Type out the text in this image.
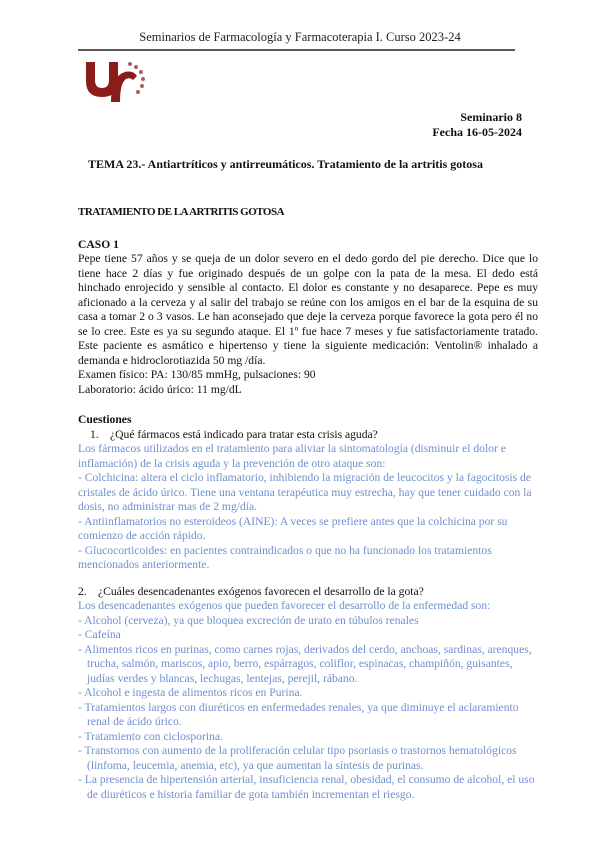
Seminarios de Farmacología y Farmacoterapia I. Curso 2023-24
Seminario 8
Fecha 16-05-2024
TEMA 23.- Antiartríticos y antirreumáticos. Tratamiento de la artritis gotosa

TRATAMIENTO DE LA ARTRITIS GOTOSA

CASO 1

Pepe tiene 57 años y se queja de un dolor severo en el dedo gordo del pie derecho. Dice que lo tiene hace 2 días y fue originado después de un golpe con la pata de la mesa. El dedo está hinchado enrojecido y sensible al contacto. El dolor es constante y no desaparece. Pepe es muy aficionado a la cerveza y al salir del trabajo se reúne con los amigos en el bar de la esquina de su casa a tomar 2 o 3 vasos. Le han aconsejado que deje la cerveza porque favorece la gota pero él no se lo cree. Este es ya su segundo ataque. El 1º fue hace 7 meses y fue satisfactoriamente tratado. Este paciente es asmático e hipertenso y tiene la siguiente medicación: Ventolin® inhalado a demanda e hidroclorotiazida 50 mg /día.

Examen físico: PA: 130/85 mmHg, pulsaciones: 90

Laboratorio: ácido úrico: 11 mg/dL

Cuestiones

1. ¿Qué fármacos está indicado para tratar esta crisis aguda?

Los fármacos utilizados en el tratamiento para aliviar la sintomatología (disminuir el dolor e inflamación) de la crisis aguda y la prevención de otro ataque son:

- Colchicina: altera el ciclo inflamatorio, inhibiendo la migración de leucocitos y la fagocitosis de cristales de ácido úrico. Tiene una ventana terapéutica muy estrecha, hay que tener cuidado con la dosis, no administrar mas de 2 mg/día.

- Antiinflamatorios no esteroideos (AINE): A veces se prefiere antes que la colchicina por su comienzo de acción rápido.

- Glucocorticoides: en pacientes contraindicados o que no ha funcionado los tratamientos mencionados anteriormente.

2. ¿Cuáles desencadenantes exógenos favorecen el desarrollo de la gota?

Los desencadenantes exógenos que pueden favorecer el desarrollo de la enfermedad son:

- Alcohol (cerveza), ya que bloquea excreción de urato en túbulos renales
- Cafeína
- Alimentos ricos en purinas, como carnes rojas, derivados del cerdo, anchoas, sardinas, arenques, trucha, salmón, mariscos, apio, berro, espárragos, coliflor, espinacas, champiñón, guisantes, judías verdes y blancas, lechugas, lentejas, perejil, rábano.
- Alcohol e ingesta de alimentos ricos en Purina.
- Tratamientos largos con diuréticos en enfermedades renales, ya que diminuye el aclaramiento renal de ácido úrico.
- Tratamiento con ciclosporina.
- Transtornos con aumento de la proliferación celular tipo psoriasis o trastornos hematológicos (linfoma, leucemia, anemia, etc), ya que aumentan la síntesis de purinas.
- La presencia de hipertensión arterial, insuficiencia renal, obesidad, el consumo de alcohol, el uso de diuréticos e historia familiar de gota también incrementan el riesgo.
